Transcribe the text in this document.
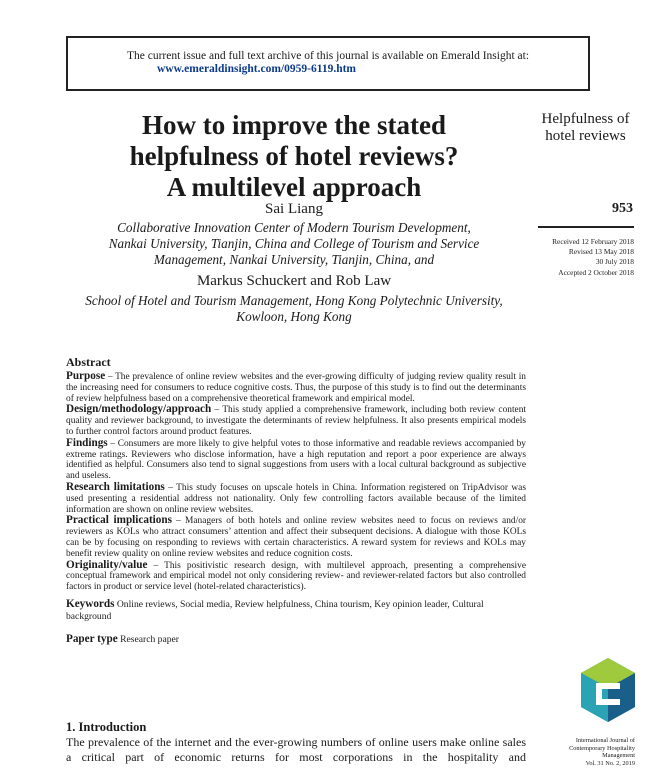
The current issue and full text archive of this journal is available on Emerald Insight at:
www.emeraldinsight.com/0959-6119.htm
How to improve the stated
helpfulness of hotel reviews?
A multilevel approach
Sai Liang
Collaborative Innovation Center of Modern Tourism Development,
Nankai University, Tianjin, China and College of Tourism and Service
Management, Nankai University, Tianjin, China, and
Markus Schuckert and Rob Law
School of Hotel and Tourism Management, Hong Kong Polytechnic University,
Kowloon, Hong Kong
Helpfulness of
hotel reviews
953
Received 12 February 2018
Revised 13 May 2018
30 July 2018
Accepted 2 October 2018
Abstract
Purpose – The prevalence of online review websites and the ever-growing difficulty of judging review quality result in the increasing need for consumers to reduce cognitive costs. Thus, the purpose of this study is to find out the determinants of review helpfulness based on a comprehensive theoretical framework and empirical model.
Design/methodology/approach – This study applied a comprehensive framework, including both review content quality and reviewer background, to investigate the determinants of review helpfulness. It also presents empirical models to further control factors around product features.
Findings – Consumers are more likely to give helpful votes to those informative and readable reviews accompanied by extreme ratings. Reviewers who disclose information, have a high reputation and report a poor experience are always identified as helpful. Consumers also tend to signal suggestions from users with a local cultural background as subjective and useless.
Research limitations – This study focuses on upscale hotels in China. Information registered on TripAdvisor was used presenting a residential address not nationality. Only few controlling factors available because of the limited information are shown on online review websites.
Practical implications – Managers of both hotels and online review websites need to focus on reviews and/or reviewers as KOLs who attract consumers’ attention and affect their subsequent decisions. A dialogue with those KOLs can be by focusing on responding to reviews with certain characteristics. A reward system for reviews and KOLs may benefit review quality on online review websites and reduce cognition costs.
Originality/value – This positivistic research design, with multilevel approach, presenting a comprehensive conceptual framework and empirical model not only considering review- and reviewer-related factors but also controlled factors in product or service level (hotel-related characteristics).
Keywords Online reviews, Social media, Review helpfulness, China tourism, Key opinion leader, Cultural background
Paper type Research paper
1. Introduction
The prevalence of the internet and the ever-growing numbers of online users make online sales a critical part of economic returns for most corporations in the hospitality and
International Journal of
Contemporary Hospitality
Management
Vol. 31 No. 2, 2019
